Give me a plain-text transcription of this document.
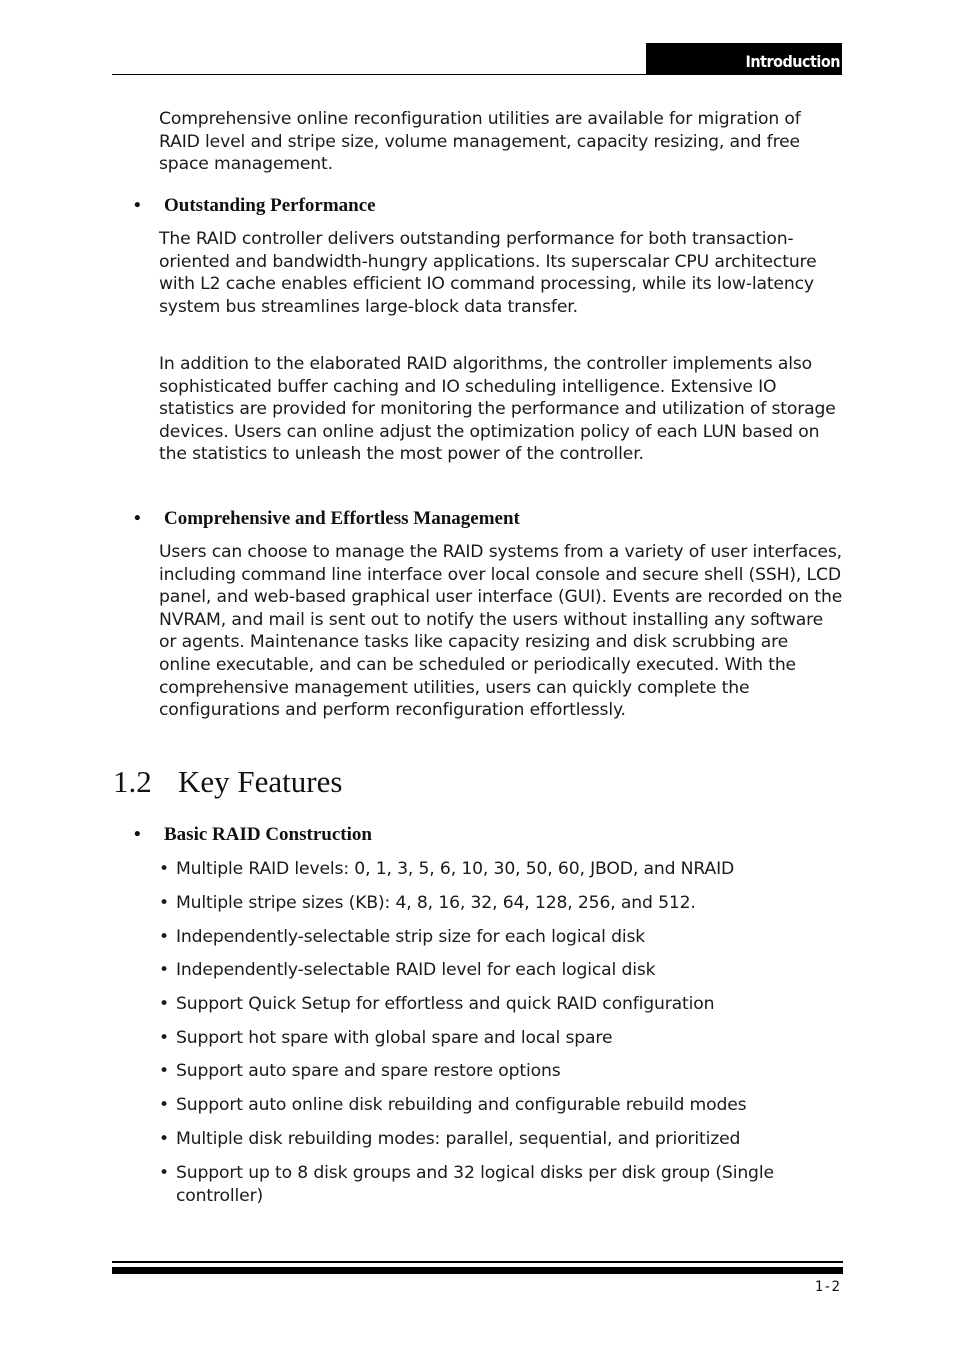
Introduction

Comprehensive online reconfiguration utilities are available for migration of RAID level and stripe size, volume management, capacity resizing, and free space management.

• Outstanding Performance

The RAID controller delivers outstanding performance for both transaction-oriented and bandwidth-hungry applications. Its superscalar CPU architecture with L2 cache enables efficient IO command processing, while its low-latency system bus streamlines large-block data transfer.

In addition to the elaborated RAID algorithms, the controller implements also sophisticated buffer caching and IO scheduling intelligence. Extensive IO statistics are provided for monitoring the performance and utilization of storage devices. Users can online adjust the optimization policy of each LUN based on the statistics to unleash the most power of the controller.

• Comprehensive and Effortless Management

Users can choose to manage the RAID systems from a variety of user interfaces, including command line interface over local console and secure shell (SSH), LCD panel, and web-based graphical user interface (GUI). Events are recorded on the NVRAM, and mail is sent out to notify the users without installing any software or agents. Maintenance tasks like capacity resizing and disk scrubbing are online executable, and can be scheduled or periodically executed. With the comprehensive management utilities, users can quickly complete the configurations and perform reconfiguration effortlessly.

1.2 Key Features
• Basic RAID Construction
• Multiple RAID levels: 0, 1, 3, 5, 6, 10, 30, 50, 60, JBOD, and NRAID
• Multiple stripe sizes (KB): 4, 8, 16, 32, 64, 128, 256, and 512.
• Independently-selectable strip size for each logical disk
• Independently-selectable RAID level for each logical disk
• Support Quick Setup for effortless and quick RAID configuration
• Support hot spare with global spare and local spare
• Support auto spare and spare restore options
• Support auto online disk rebuilding and configurable rebuild modes
• Multiple disk rebuilding modes: parallel, sequential, and prioritized
• Support up to 8 disk groups and 32 logical disks per disk group (Single controller)
1-2
